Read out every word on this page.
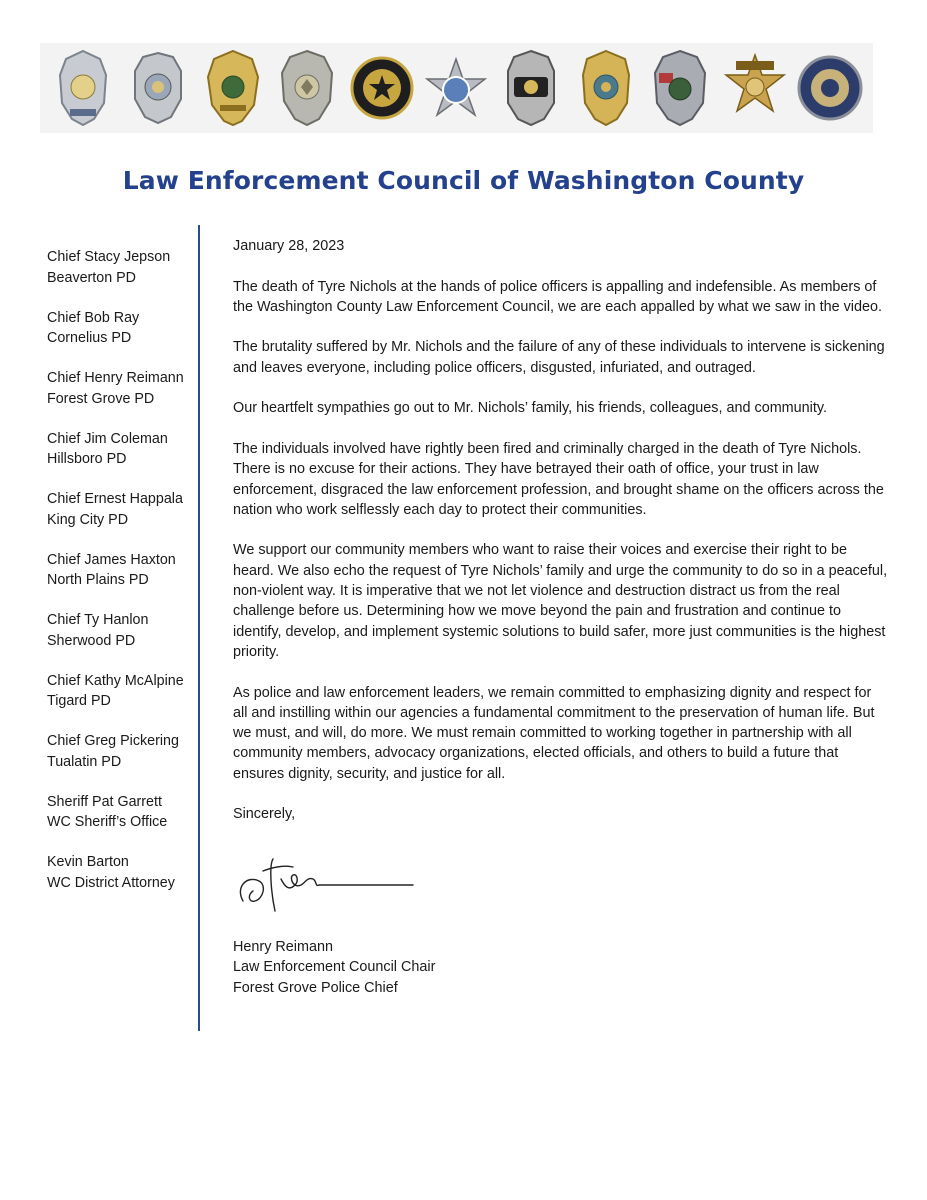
Law Enforcement Council of Washington County
Chief Stacy Jepson
Beaverton PD
Chief Bob Ray
Cornelius PD
Chief Henry Reimann
Forest Grove PD
Chief Jim Coleman
Hillsboro PD
Chief Ernest Happala
King City PD
Chief James Haxton
North Plains PD
Chief Ty Hanlon
Sherwood PD
Chief Kathy McAlpine
Tigard PD
Chief Greg Pickering
Tualatin PD
Sheriff Pat Garrett
WC Sheriff’s Office
Kevin Barton
WC District Attorney

January 28, 2023

The death of Tyre Nichols at the hands of police officers is appalling and indefensible. As members of the Washington County Law Enforcement Council, we are each appalled by what we saw in the video.

The brutality suffered by Mr. Nichols and the failure of any of these individuals to intervene is sickening and leaves everyone, including police officers, disgusted, infuriated, and outraged.

Our heartfelt sympathies go out to Mr. Nichols’ family, his friends, colleagues, and community.

The individuals involved have rightly been fired and criminally charged in the death of Tyre Nichols. There is no excuse for their actions. They have betrayed their oath of office, your trust in law enforcement, disgraced the law enforcement profession, and brought shame on the officers across the nation who work selflessly each day to protect their communities.

We support our community members who want to raise their voices and exercise their right to be heard. We also echo the request of Tyre Nichols’ family and urge the community to do so in a peaceful, non-violent way. It is imperative that we not let violence and destruction distract us from the real challenge before us. Determining how we move beyond the pain and frustration and continue to identify, develop, and implement systemic solutions to build safer, more just communities is the highest priority.

As police and law enforcement leaders, we remain committed to emphasizing dignity and respect for all and instilling within our agencies a fundamental commitment to the preservation of human life. But we must, and will, do more. We must remain committed to working together in partnership with all community members, advocacy organizations, elected officials, and others to build a future that ensures dignity, security, and justice for all.

Sincerely,

Henry Reimann
Law Enforcement Council Chair
Forest Grove Police Chief
